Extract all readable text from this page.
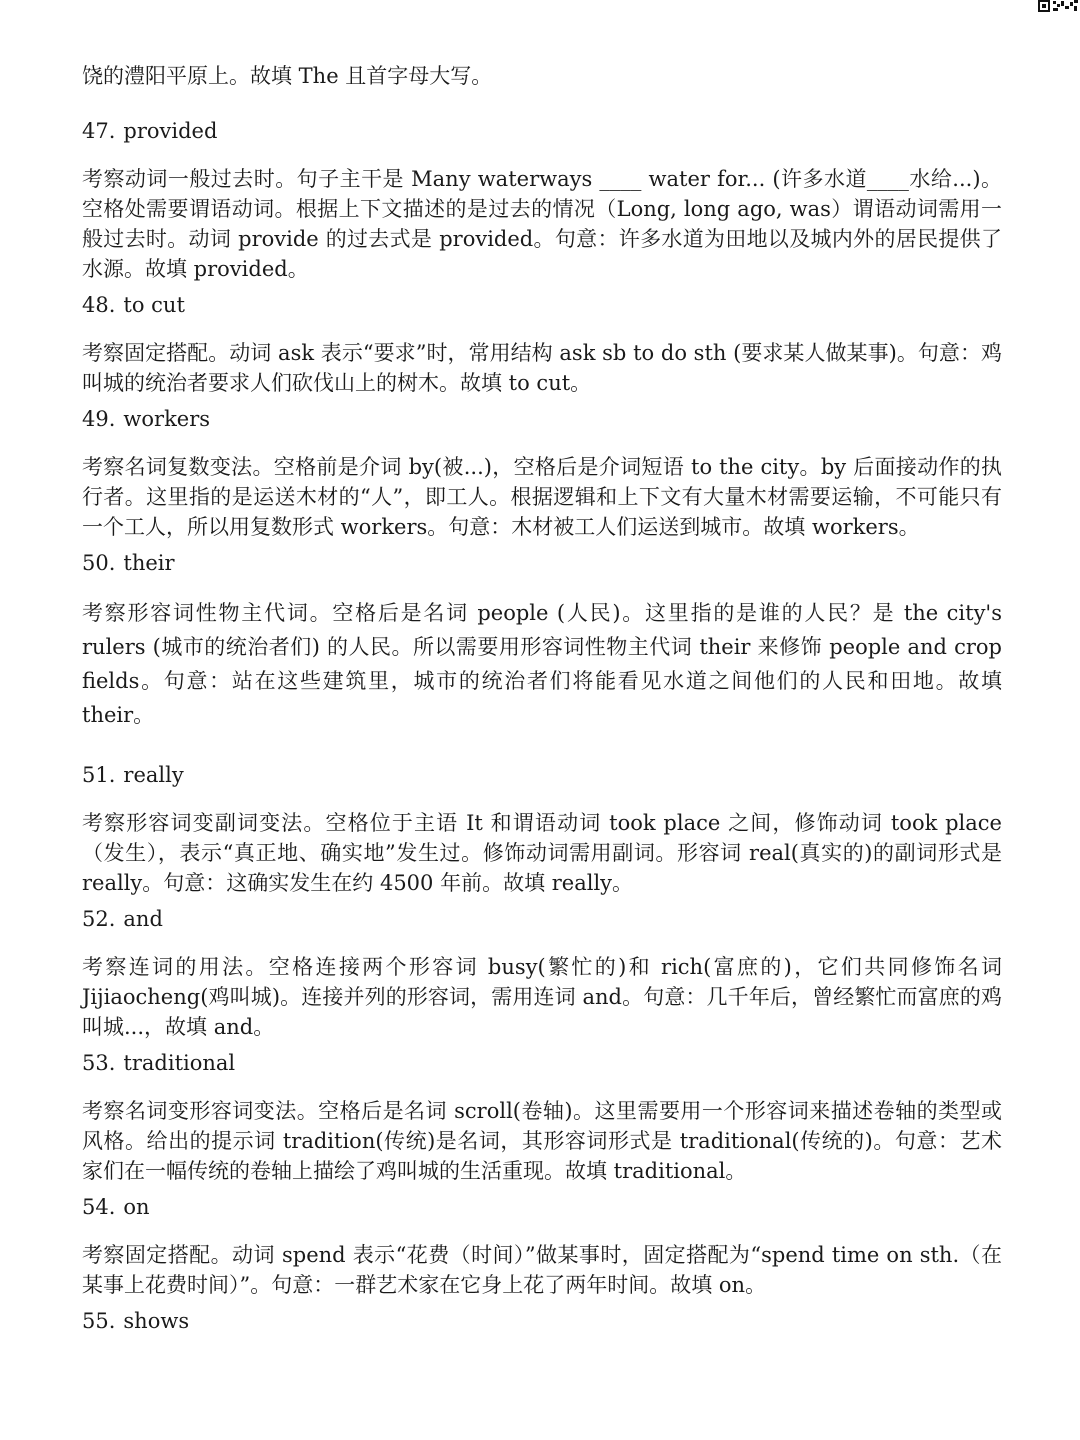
饶的澧阳平原上。故填 The 且首字母大写。

47. provided

考察动词一般过去时。句子主干是 Many waterways ____ water for... (许多水道____水给...)。空格处需要谓语动词。根据上下文描述的是过去的情况（Long, long ago, was）谓语动词需用一般过去时。动词 provide 的过去式是 provided。句意：许多水道为田地以及城内外的居民提供了水源。故填 provided。

48. to cut

考察固定搭配。动词 ask 表示“要求”时，常用结构 ask sb to do sth (要求某人做某事)。句意：鸡叫城的统治者要求人们砍伐山上的树木。故填 to cut。

49. workers

考察名词复数变法。空格前是介词 by(被...)，空格后是介词短语 to the city。by 后面接动作的执行者。这里指的是运送木材的“人”，即工人。根据逻辑和上下文有大量木材需要运输，不可能只有一个工人，所以用复数形式 workers。句意：木材被工人们运送到城市。故填 workers。

50. their

考察形容词性物主代词。空格后是名词 people (人民)。这里指的是谁的人民？是 the city's rulers (城市的统治者们) 的人民。所以需要用形容词性物主代词 their 来修饰 people and crop fields。句意：站在这些建筑里，城市的统治者们将能看见水道之间他们的人民和田地。故填 their。

51. really

考察形容词变副词变法。空格位于主语 It 和谓语动词 took place 之间，修饰动词 took place（发生），表示“真正地、确实地”发生过。修饰动词需用副词。形容词 real(真实的)的副词形式是 really。句意：这确实发生在约 4500 年前。故填 really。

52. and

考察连词的用法。空格连接两个形容词 busy(繁忙的)和 rich(富庶的)，它们共同修饰名词 Jijiaocheng(鸡叫城)。连接并列的形容词，需用连词 and。句意：几千年后，曾经繁忙而富庶的鸡叫城...，故填 and。

53. traditional

考察名词变形容词变法。空格后是名词 scroll(卷轴)。这里需要用一个形容词来描述卷轴的类型或风格。给出的提示词 tradition(传统)是名词，其形容词形式是 traditional(传统的)。句意：艺术家们在一幅传统的卷轴上描绘了鸡叫城的生活重现。故填 traditional。

54. on

考察固定搭配。动词 spend 表示“花费（时间）”做某事时，固定搭配为“spend time on sth.（在某事上花费时间）”。句意：一群艺术家在它身上花了两年时间。故填 on。

55. shows
